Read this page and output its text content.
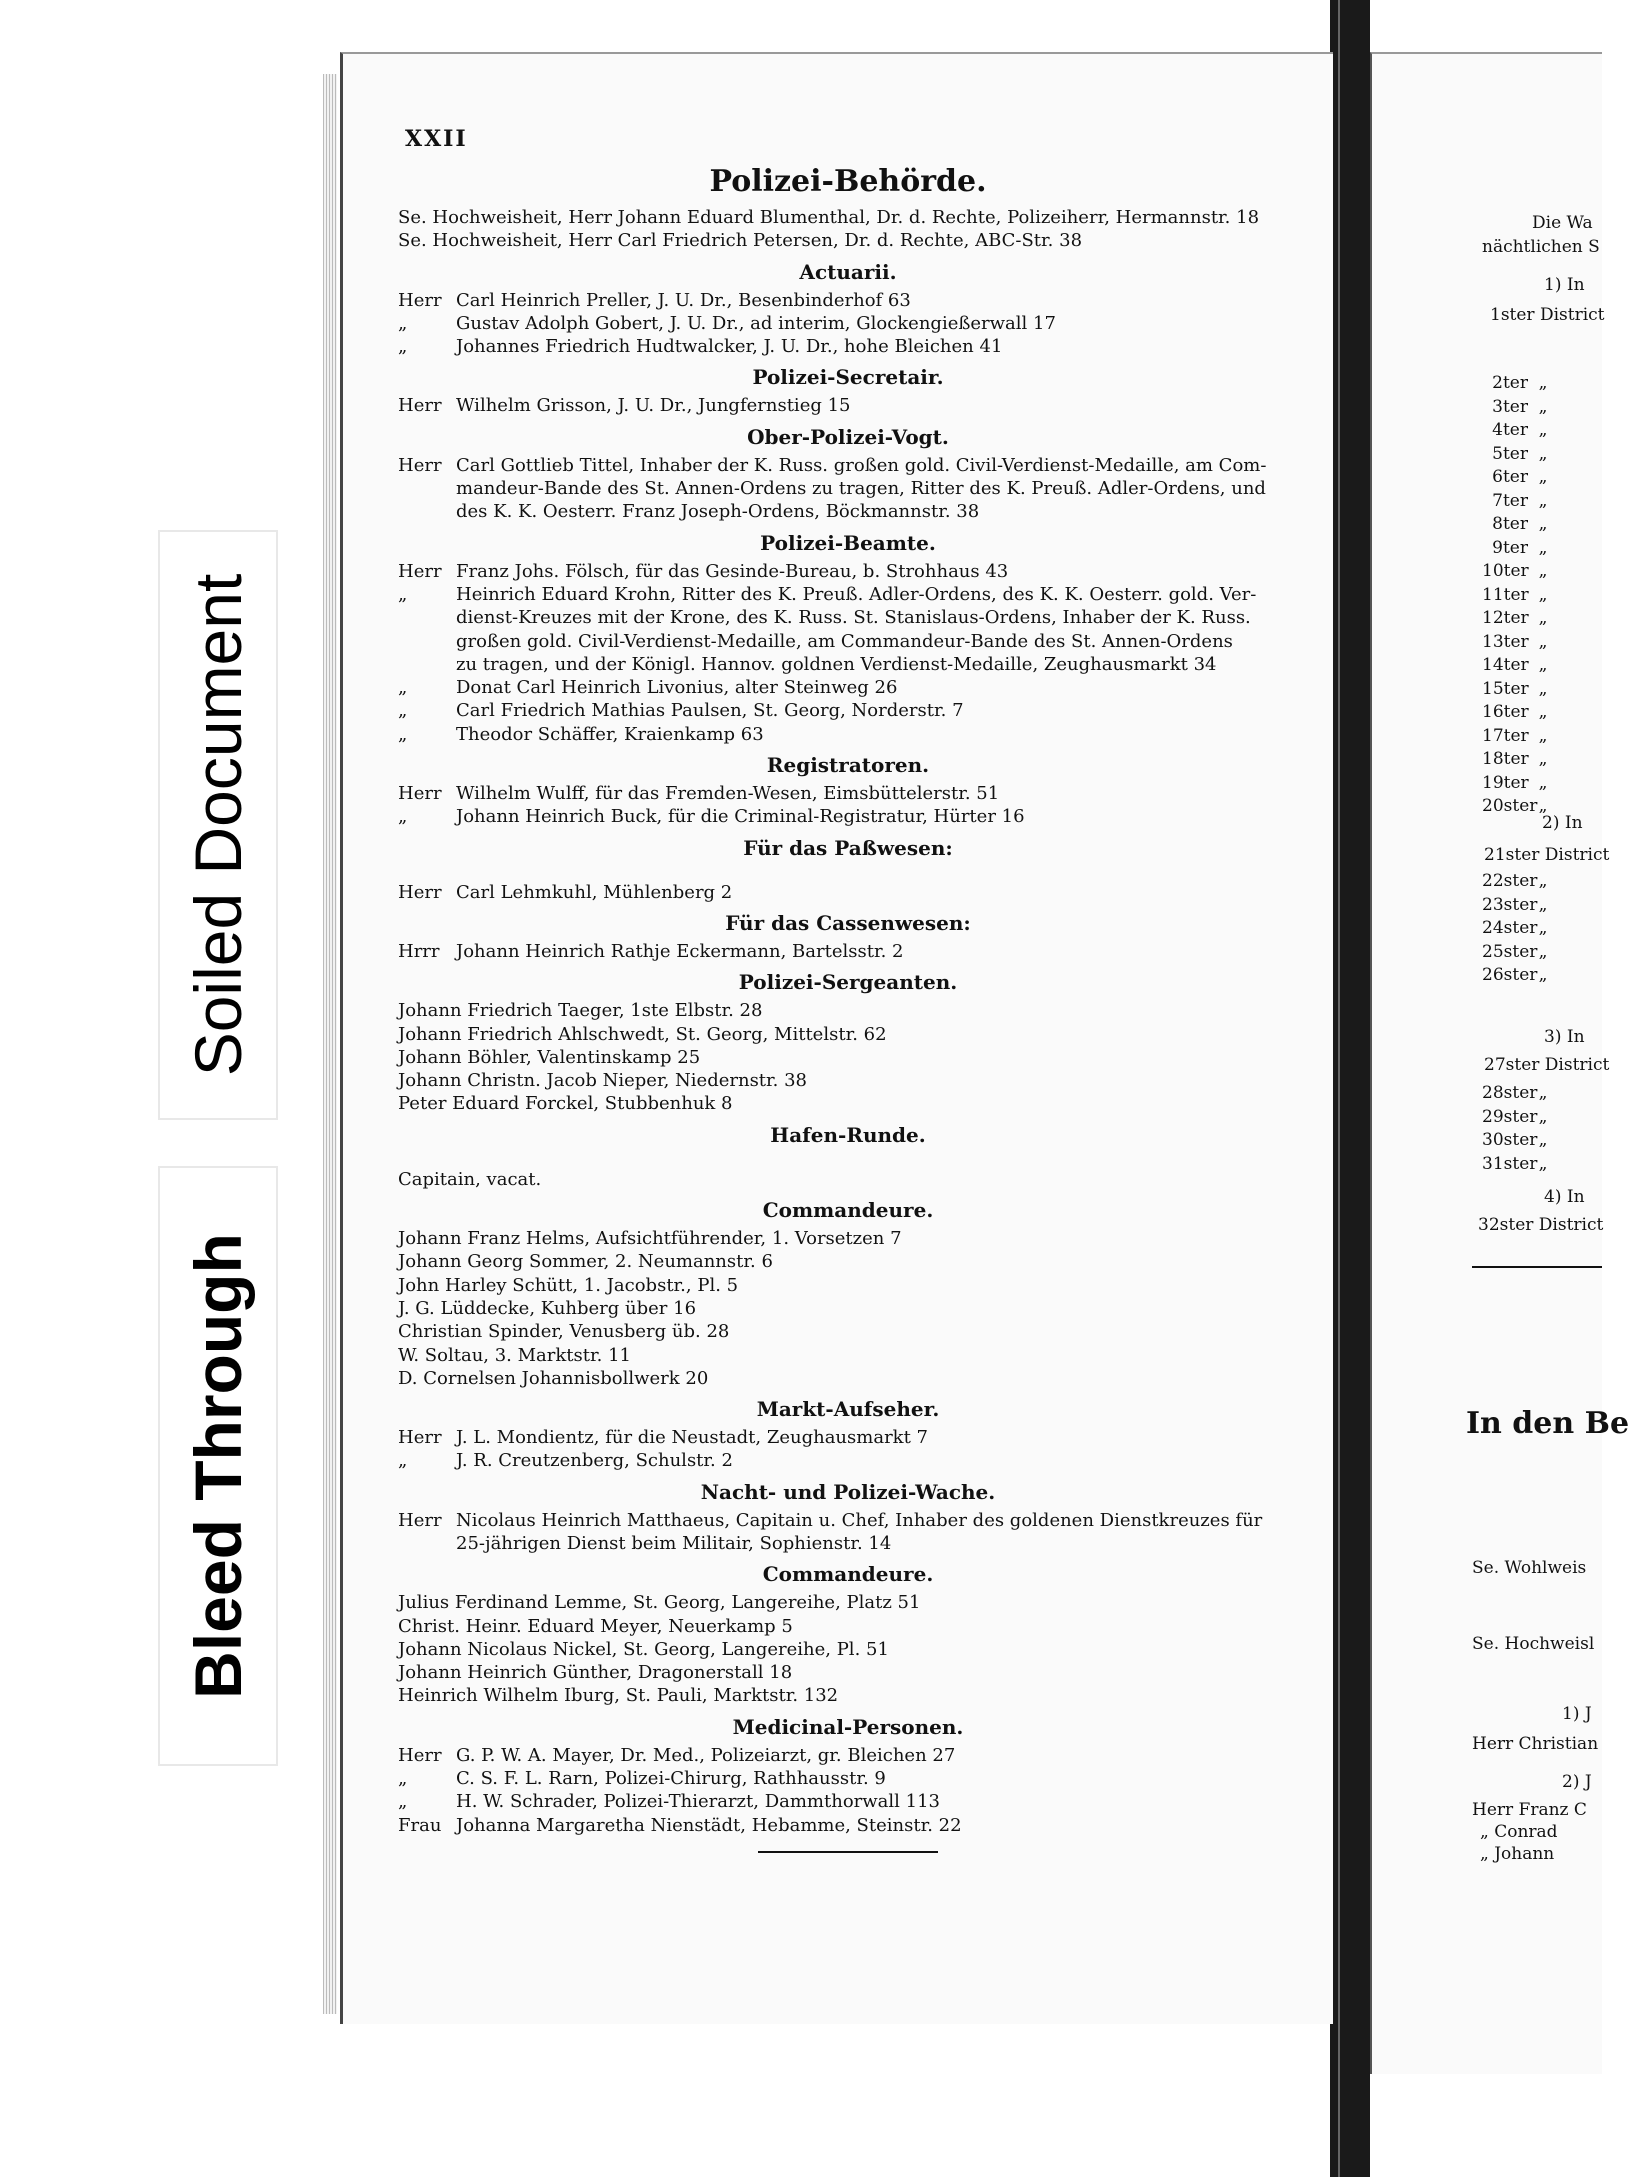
XXII
Polizei-Behörde.
Se. Hochweisheit, Herr Johann Eduard Blumenthal, Dr. d. Rechte, Polizeiherr, Hermannstr. 18
Se. Hochweisheit, Herr Carl Friedrich Petersen, Dr. d. Rechte, ABC-Str. 38
Actuarii.
Herr Carl Heinrich Preller, J. U. Dr., Besenbinderhof 63
„	Gustav Adolph Gobert, J. U. Dr., ad interim, Glockengießerwall 17
„	Johannes Friedrich Hudtwalcker, J. U. Dr., hohe Bleichen 41
Polizei-Secretair.
Herr Wilhelm Grisson, J. U. Dr., Jungfernstieg 15
Ober-Polizei-Vogt.
Herr Carl Gottlieb Tittel, Inhaber der K. Russ. großen gold. Civil-Verdienst-Medaille, am Com-
mandeur-Bande des St. Annen-Ordens zu tragen, Ritter des K. Preuß. Adler-Ordens, und
des K. K. Oesterr. Franz Joseph-Ordens, Böckmannstr. 38
Polizei-Beamte.
Herr Franz Johs. Fölsch, für das Gesinde-Bureau, b. Strohhaus 43
„	Heinrich Eduard Krohn, Ritter des K. Preuß. Adler-Ordens, des K. K. Oesterr. gold. Ver-
dienst-Kreuzes mit der Krone, des K. Russ. St. Stanislaus-Ordens, Inhaber der K. Russ.
großen gold. Civil-Verdienst-Medaille, am Commandeur-Bande des St. Annen-Ordens
zu tragen, und der Königl. Hannov. goldnen Verdienst-Medaille, Zeughausmarkt 34
„	Donat Carl Heinrich Livonius, alter Steinweg 26
„	Carl Friedrich Mathias Paulsen, St. Georg, Norderstr. 7
„	Theodor Schäffer, Kraienkamp 63
Registratoren.
Herr Wilhelm Wulff, für das Fremden-Wesen, Eimsbüttelerstr. 51
„	Johann Heinrich Buck, für die Criminal-Registratur, Hürter 16
Für das Paßwesen:
Herr Carl Lehmkuhl, Mühlenberg 2
Für das Cassenwesen:
Hrrr Johann Heinrich Rathje Eckermann, Bartelsstr. 2
Polizei-Sergeanten.
Johann Friedrich Taeger, 1ste Elbstr. 28
Johann Friedrich Ahlschwedt, St. Georg, Mittelstr. 62
Johann Böhler, Valentinskamp 25
Johann Christn. Jacob Nieper, Niedernstr. 38
Peter Eduard Forckel, Stubbenhuk 8
Hafen-Runde.
Capitain, vacat.
Commandeure.
Johann Franz Helms, Aufsichtführender, 1. Vorsetzen 7
Johann Georg Sommer, 2. Neumannstr. 6
John Harley Schütt, 1. Jacobstr., Pl. 5
J. G. Lüddecke, Kuhberg über 16
Christian Spinder, Venusberg üb. 28
W. Soltau, 3. Marktstr. 11
D. Cornelsen Johannisbollwerk 20
Markt-Aufseher.
Herr J. L. Mondientz, für die Neustadt, Zeughausmarkt 7
„	J. R. Creutzenberg, Schulstr. 2
Nacht- und Polizei-Wache.
Herr Nicolaus Heinrich Matthaeus, Capitain u. Chef, Inhaber des goldenen Dienstkreuzes für
25-jährigen Dienst beim Militair, Sophienstr. 14
Commandeure.
Julius Ferdinand Lemme, St. Georg, Langereihe, Platz 51
Christ. Heinr. Eduard Meyer, Neuerkamp 5
Johann Nicolaus Nickel, St. Georg, Langereihe, Pl. 51
Johann Heinrich Günther, Dragonerstall 18
Heinrich Wilhelm Iburg, St. Pauli, Marktstr. 132
Medicinal-Personen.
Herr G. P. W. A. Mayer, Dr. Med., Polizeiarzt, gr. Bleichen 27
„	C. S. F. L. Rarn, Polizei-Chirurg, Rathhausstr. 9
„	H. W. Schrader, Polizei-Thierarzt, Dammthorwall 113
Frau Johanna Margaretha Nienstädt, Hebamme, Steinstr. 22
Die Wa
nächtlichen S
1) In
1ster District
2ter „
3ter „
4ter „
5ter „
6ter „
7ter „
8ter „
9ter „
10ter „
11ter „
12ter „
13ter „
14ter „
15ter „
16ter „
17ter „
18ter „
19ter „
20ster„
2) In
21ster District
22ster„
23ster„
24ster„
25ster„
26ster„
3) In
27ster District
28ster„
29ster„
30ster„
31ster„
4) In
32ster District
In den Be
Se. Wohlweis
Se. Hochweisl
1) J
Herr Christian
2) J
Herr Franz C
„ Conrad
„ Johann
Soiled Document
Bleed Through
